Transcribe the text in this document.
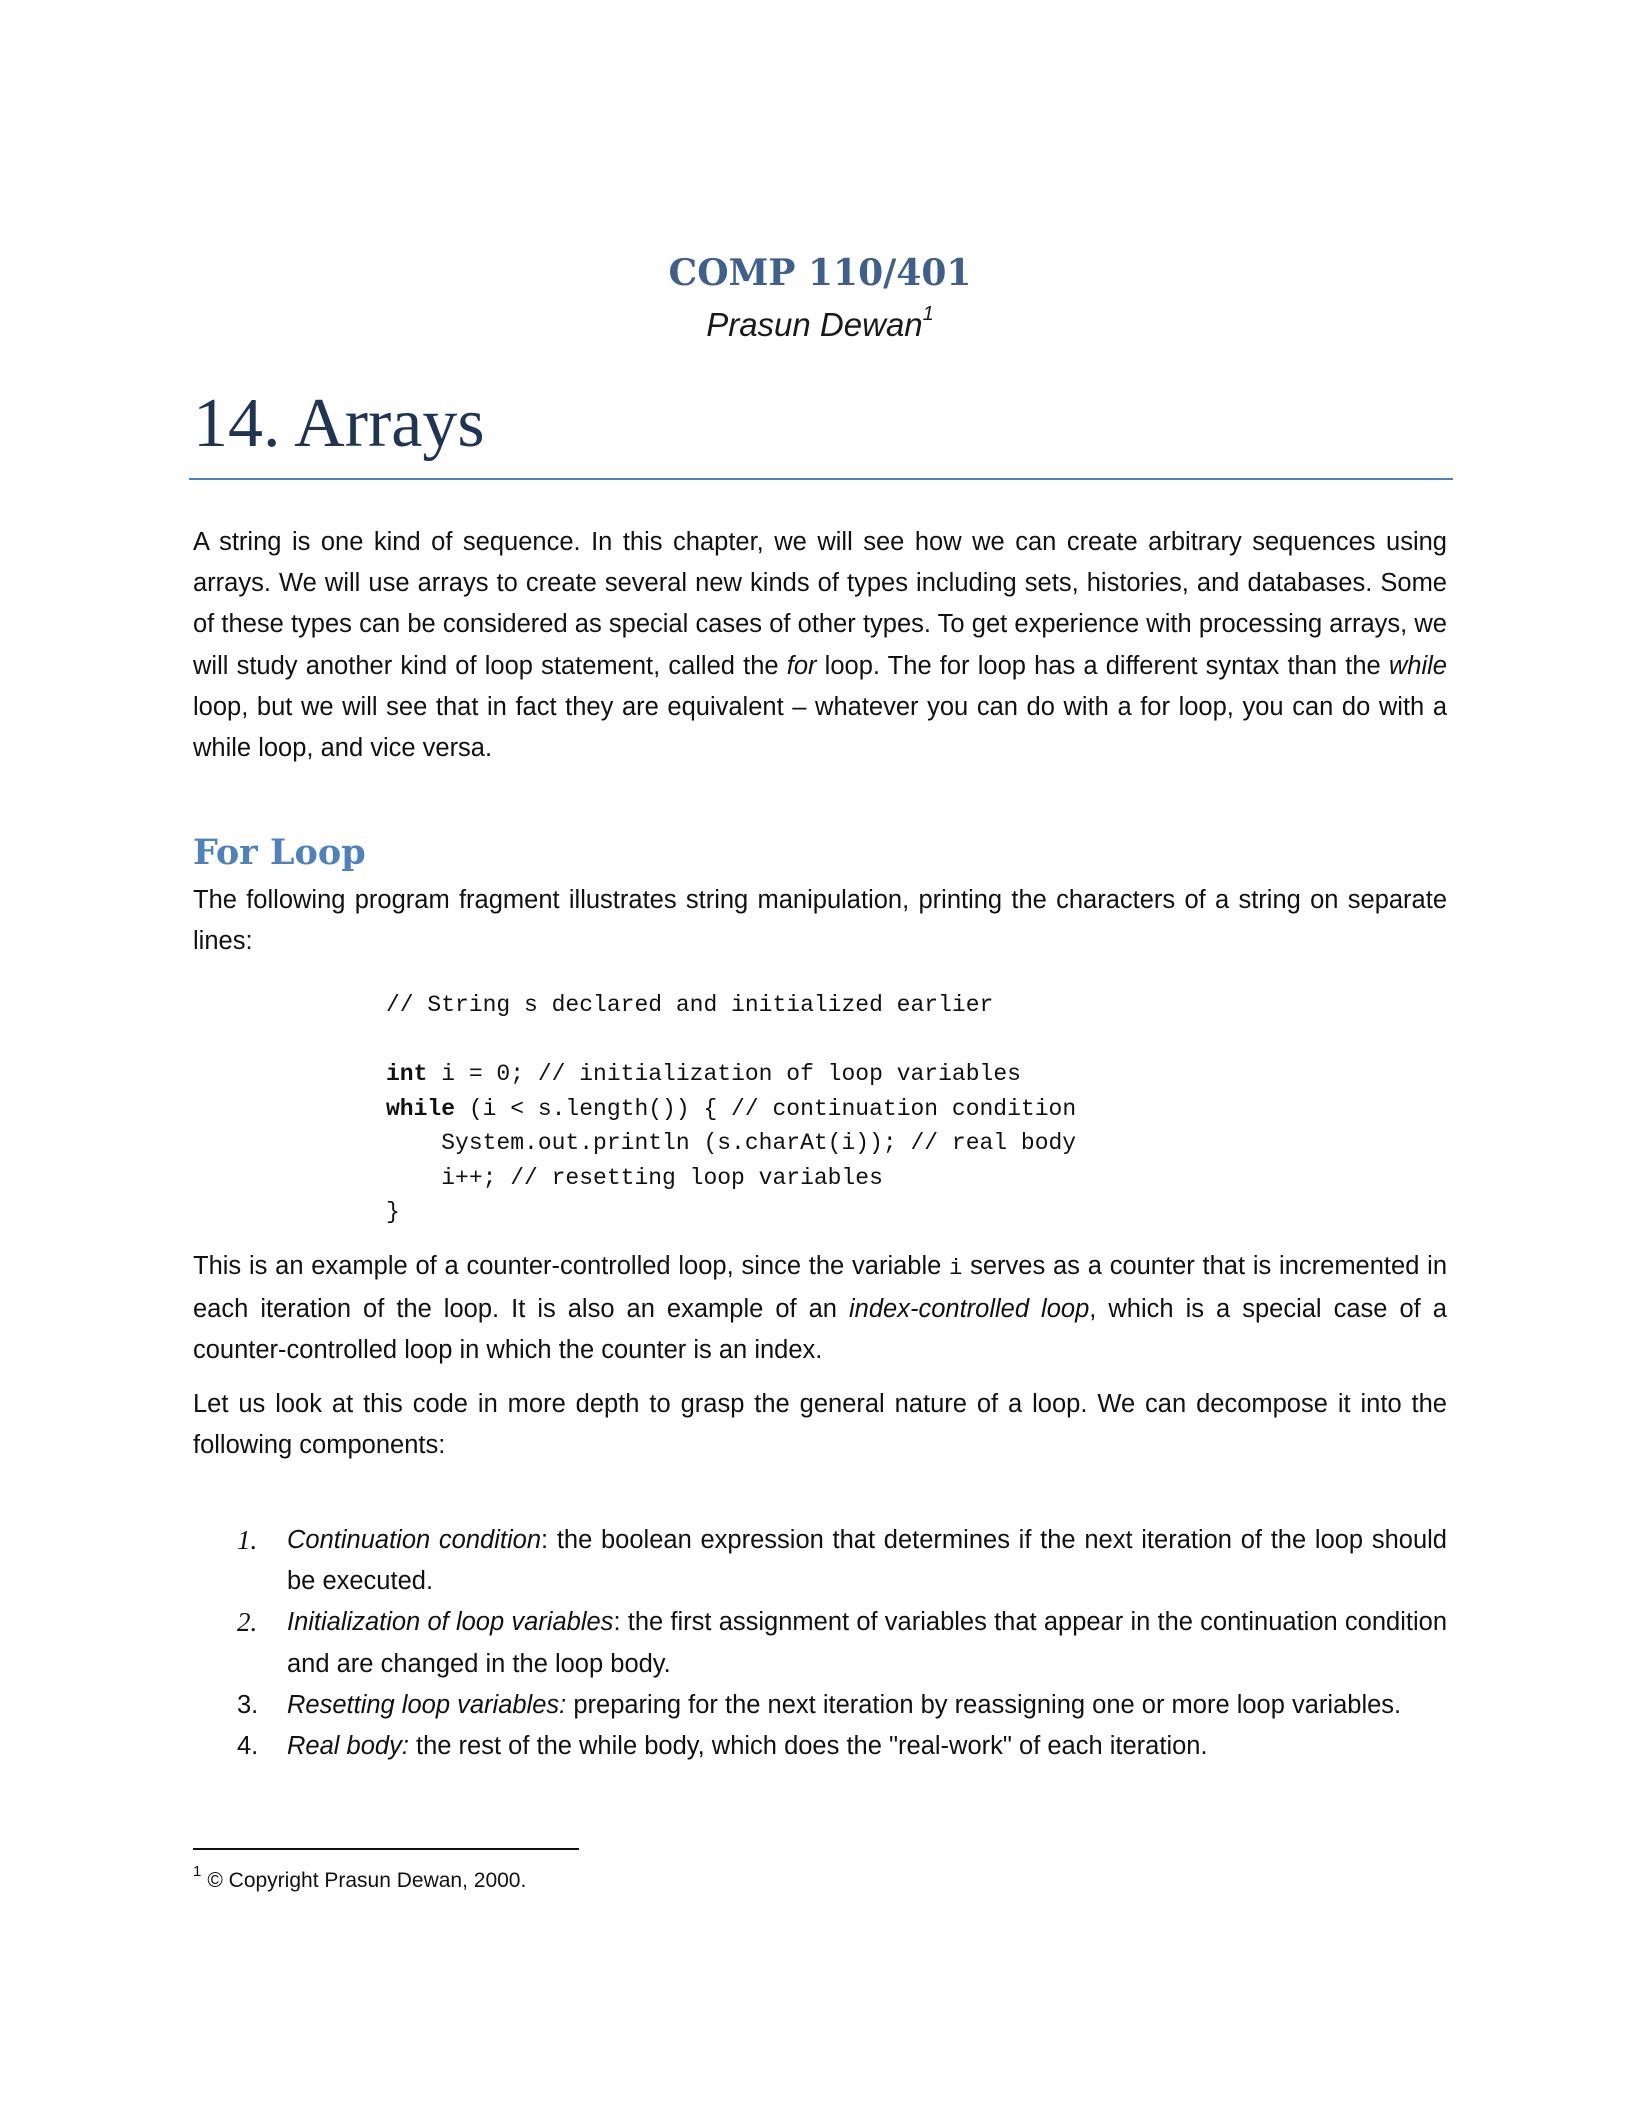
COMP 110/401
Prasun Dewan$^1$
14. Arrays

A string is one kind of sequence. In this chapter, we will see how we can create arbitrary sequences using arrays. We will use arrays to create several new kinds of types including sets, histories, and databases. Some of these types can be considered as special cases of other types. To get experience with processing arrays, we will study another kind of loop statement, called the for loop. The for loop has a different syntax than the while loop, but we will see that in fact they are equivalent – whatever you can do with a for loop, you can do with a while loop, and vice versa.

For Loop

The following program fragment illustrates string manipulation, printing the characters of a string on separate lines:

// String s declared and initialized earlier
int i = 0; // initialization of loop variables
while (i < s.length()) { // continuation condition
System.out.println (s.charAt(i)); // real body
i++; // resetting loop variables
}

This is an example of a counter-controlled loop, since the variable i serves as a counter that is incremented in each iteration of the loop. It is also an example of an index-controlled loop, which is a special case of a counter-controlled loop in which the counter is an index.

Let us look at this code in more depth to grasp the general nature of a loop. We can decompose it into the following components:

1. Continuation condition: the boolean expression that determines if the next iteration of the loop should be executed.
2. Initialization of loop variables: the first assignment of variables that appear in the continuation condition and are changed in the loop body.
3. Resetting loop variables: preparing for the next iteration by reassigning one or more loop variables.
4. Real body: the rest of the while body, which does the "real-work" of each iteration.
$^1$ © Copyright Prasun Dewan, 2000.
